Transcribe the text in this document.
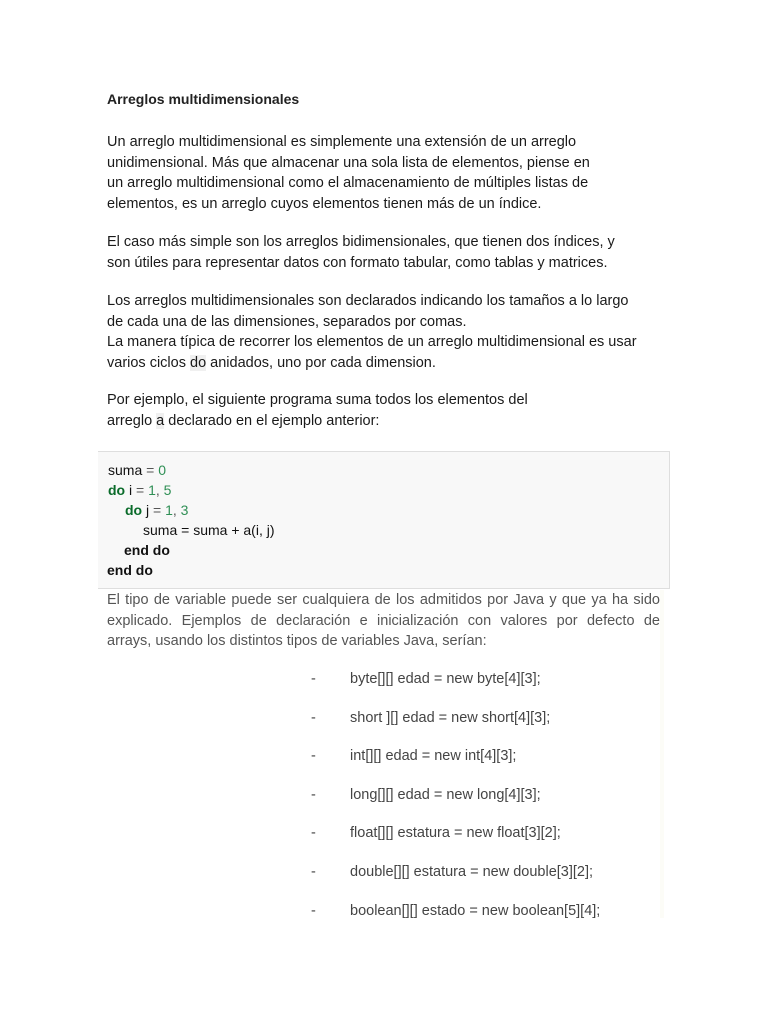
Arreglos multidimensionales
Un arreglo multidimensional es simplemente una extensión de un arreglo
unidimensional. Más que almacenar una sola lista de elementos, piense en
un arreglo multidimensional como el almacenamiento de múltiples listas de
elementos, es un arreglo cuyos elementos tienen más de un índice.
El caso más simple son los arreglos bidimensionales, que tienen dos índices, y
son útiles para representar datos con formato tabular, como tablas y matrices.
Los arreglos multidimensionales son declarados indicando los tamaños a lo largo
de cada una de las dimensiones, separados por comas.
La manera típica de recorrer los elementos de un arreglo multidimensional es usar
varios ciclos do anidados, uno por cada dimension.
Por ejemplo, el siguiente programa suma todos los elementos del
arreglo a declarado en el ejemplo anterior:
suma = 0
do i = 1, 5
do j = 1, 3
suma = suma + a(i, j)
end do
end do
El tipo de variable puede ser cualquiera de los admitidos por Java y que ya ha sido
explicado. Ejemplos de declaración e inicialización con valores por defecto de
arrays, usando los distintos tipos de variables Java, serían:
- byte[][] edad = new byte[4][3];
- short ][] edad = new short[4][3];
- int[][] edad = new int[4][3];
- long[][] edad = new long[4][3];
- float[][] estatura = new float[3][2];
- double[][] estatura = new double[3][2];
- boolean[][] estado = new boolean[5][4];
